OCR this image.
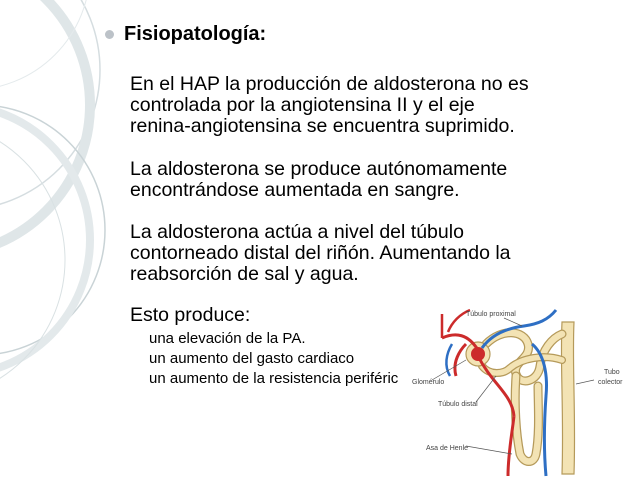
Fisiopatología:
En el HAP la producción de aldosterona no es
controlada por la angiotensina II y el eje
renina-angiotensina se encuentra suprimido.
La aldosterona se produce autónomamente
encontrándose aumentada en sangre.
La aldosterona actúa a nivel del túbulo
contorneado distal del riñón. Aumentando la
reabsorción de sal y agua.
Esto produce:
una elevación de la PA.
un aumento del gasto cardiaco
un aumento de la resistencia periféric
Túbulo proximal
Glomérulo
Tubo
colector
Túbulo distal
Asa de Henle
